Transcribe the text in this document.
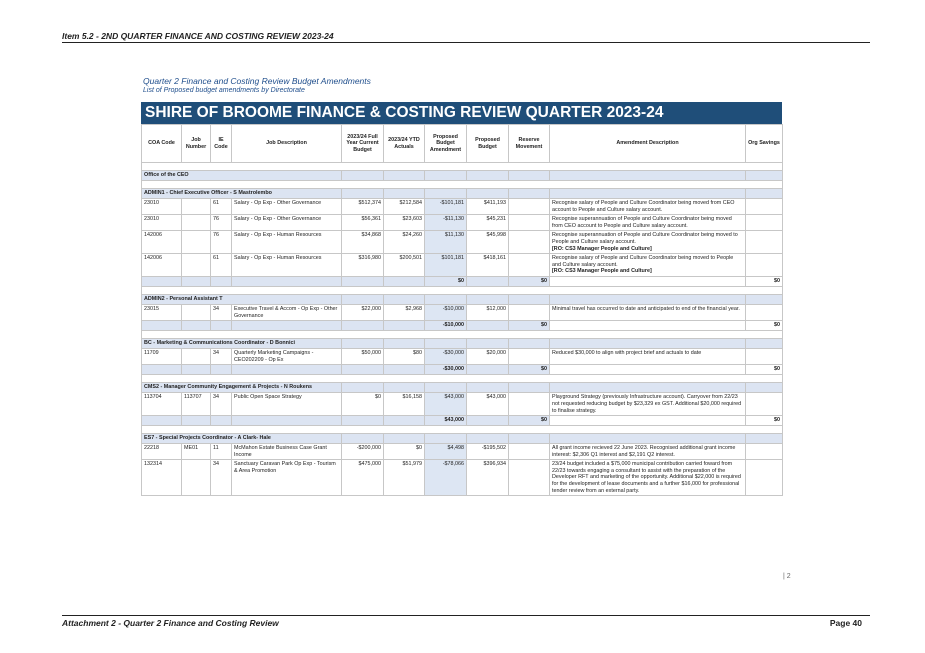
Item 5.2 - 2ND QUARTER FINANCE AND COSTING REVIEW 2023-24
Quarter 2 Finance and Costing Review Budget Amendments
List of Proposed budget amendments by Directorate
SHIRE OF BROOME FINANCE & COSTING REVIEW QUARTER 2023-24
COA Code	Job Number	IE Code	Job Description	2023/24 Full Year Current Budget	2023/24 YTD Actuals	Proposed Budget Amendment	Proposed Budget	Reserve Movement	Amendment Description	Org Savings

Office of the CEO										

ADMIN1 - Chief Executive Officer - S Mastrolembo										
23010		61	Salary - Op Exp - Other Governance	$512,374	$212,584	-$101,181	$411,193		Recognise salary of People and Culture Coordinator being moved from CEO account to People and Culture salary account.	

23010		76	Salary - Op Exp - Other Governance	$56,361	$23,603	-$11,130	$45,231		Recognise superannuation of People and Culture Coordinator being moved from CEO account to People and Culture salary account.	

142006		76	Salary - Op Exp - Human Resources	$34,868	$24,260	$11,130	$45,998		Recognise superannuation of People and Culture Coordinator being moved to People and Culture salary account.
[RO: CS3 Manager People and Culture]	

142006		61	Salary - Op Exp - Human Resources	$316,980	$200,501	$101,181	$418,161		Recognise salary of People and Culture Coordinator being moved to People and Culture salary account.
[RO: CS3 Manager People and Culture]	

						$0		$0		$0

ADMIN2 - Personal Assistant T										
23015		34	Executive Travel & Accom - Op Exp - Other Governance	$22,000	$2,968	-$10,000	$12,000		Minimal travel has occurred to date and anticipated to end of the financial year.	

						-$10,000		$0		$0

BC - Marketing & Communications Coordinator - D Bonnici										
11709		34	Quarterly Marketing Campaigns - CEO202209 - Op Ex	$50,000	$80	-$30,000	$20,000		Reduced $30,000 to align with project brief and actuals to date	

						-$30,000		$0		$0

CMS2 - Manager Community Engagement & Projects - N Roukens										
113704	113707	34	Public Open Space Strategy	$0	$16,158	$43,000	$43,000		Playground Strategy (previously Infrastructure account). Carryover from 22/23 not requested reducing budget by $23,329 ex GST. Additional $20,000 required to finalise strategy.	

						$43,000		$0		$0

ES7 - Special Projects Coordinator - A Clark- Hale										
22218	ME01	11	McMahon Estate Business Case Grant Income	-$200,000	$0	$4,498	-$195,502		All grant income recieved 22 June 2023. Recognised additional grant income interest: $2,306 Q1 interest and $2,191 Q2 interest.	

132314		34	Sanctuary Caravan Park Op Exp - Tourism & Area Promotion	$475,000	$51,979	-$78,066	$396,934		23/24 budget included a $75,000 municipal contribution carried foward from 22/23 towards engaging a consultant to assist with the preparation of the Developer RFT and marketing of the opportunity. Additional $22,000 is required for the development of lease documents and a further $16,000 for professional tender review from an external party.	

| 2
Attachment 2 - Quarter 2 Finance and Costing Review	Page 40
